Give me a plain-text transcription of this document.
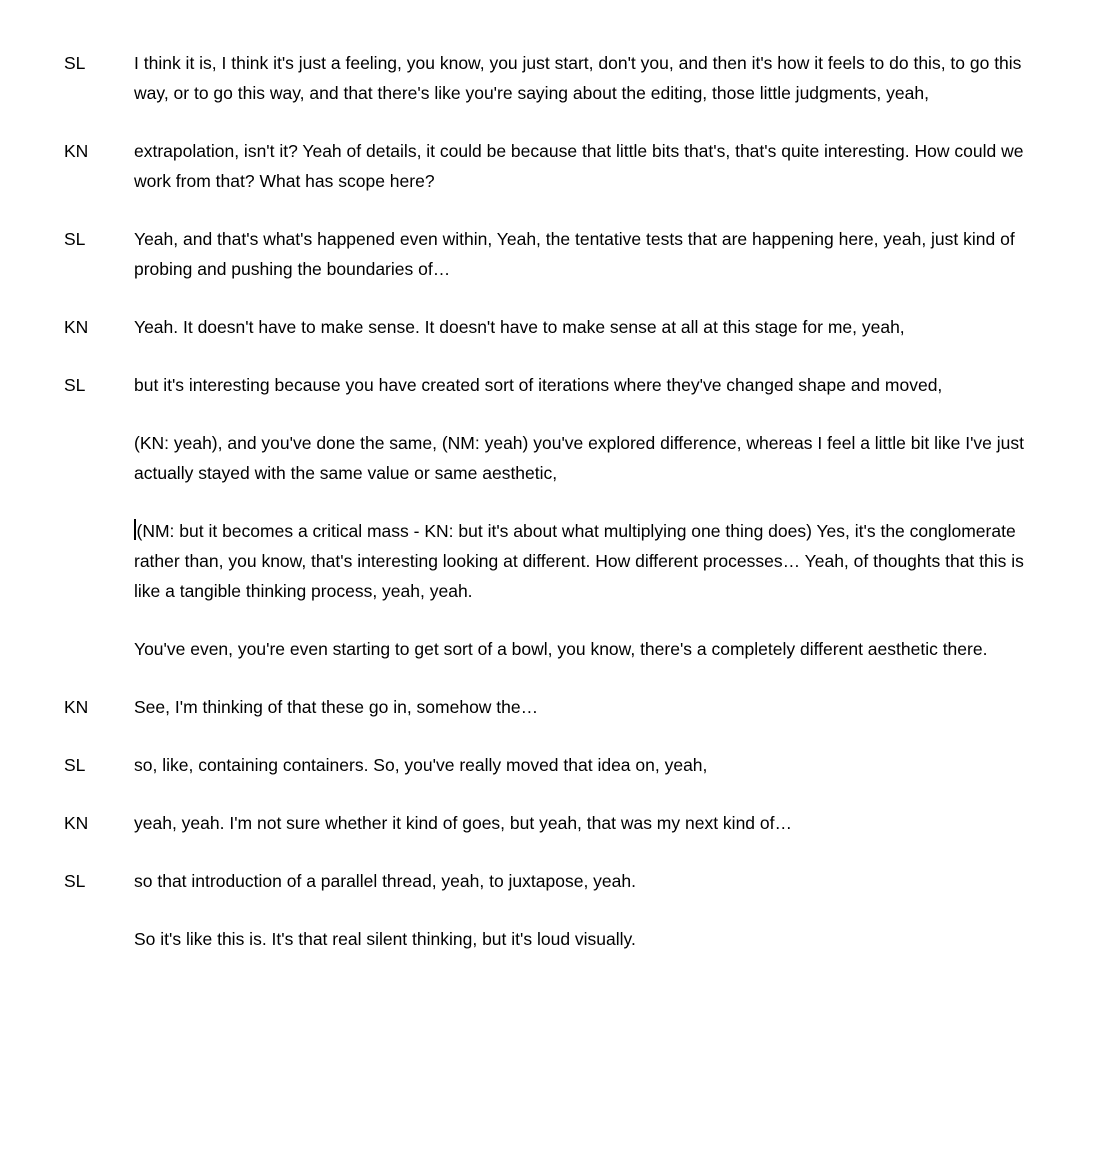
SL	I think it is, I think it's just a feeling, you know, you just start, don't you, and then it's how it feels to do this, to go this way, or to go this way, and that there's like you're saying about the editing, those little judgments, yeah,
KN	extrapolation, isn't it? Yeah of details, it could be because that little bits that's, that's quite interesting. How could we work from that? What has scope here?
SL	Yeah, and that's what's happened even within, Yeah, the tentative tests that are happening here, yeah, just kind of probing and pushing the boundaries of…
KN	Yeah. It doesn't have to make sense. It doesn't have to make sense at all at this stage for me, yeah,
SL	but it's interesting because you have created sort of iterations where they've changed shape and moved,
(KN: yeah), and you've done the same, (NM: yeah) you've explored difference, whereas I feel a little bit like I've just actually stayed with the same value or same aesthetic,
(NM: but it becomes a critical mass - KN: but it's about what multiplying one thing does) Yes, it's the conglomerate rather than, you know, that's interesting looking at different. How different processes… Yeah, of thoughts that this is like a tangible thinking process, yeah, yeah.
You've even, you're even starting to get sort of a bowl, you know, there's a completely different aesthetic there.
KN	See, I'm thinking of that these go in, somehow the…
SL	so, like, containing containers. So, you've really moved that idea on, yeah,
KN	yeah, yeah. I'm not sure whether it kind of goes, but yeah, that was my next kind of…
SL	so that introduction of a parallel thread, yeah, to juxtapose, yeah.
So it's like this is. It's that real silent thinking, but it's loud visually.
